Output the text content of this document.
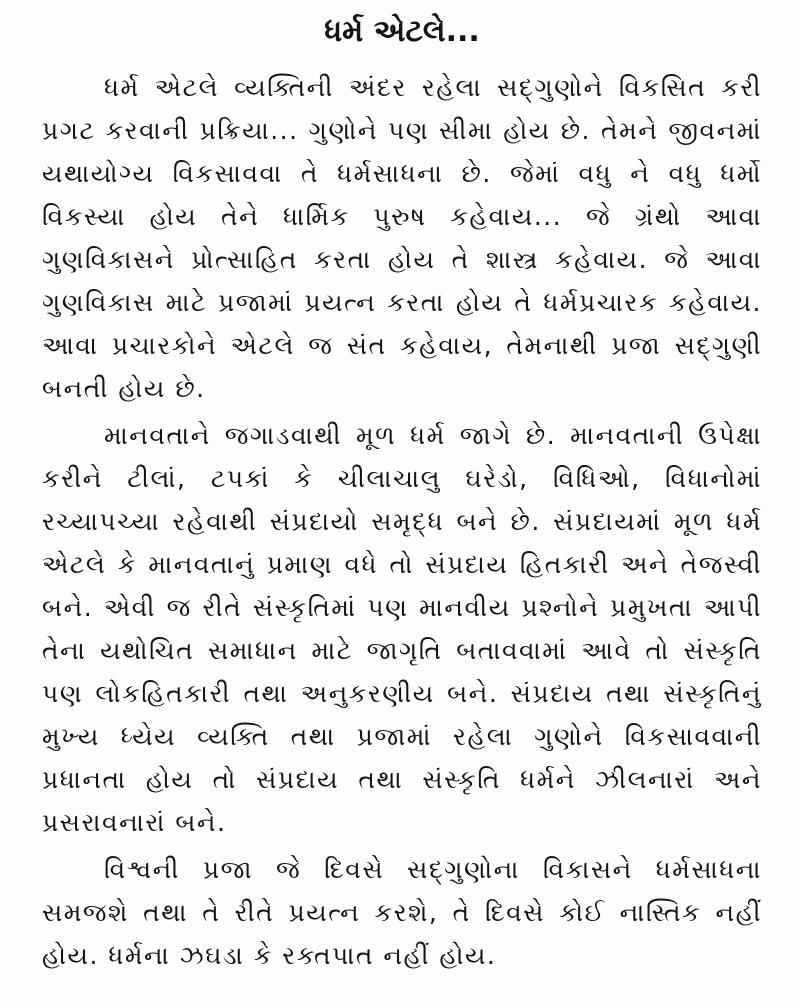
ધર્મ એટલે...

ધર્મ એટલે વ્યક્તિની અંદર રહેલા સદ્‌ગુણોને વિકસિત કરી પ્રગટ કરવાની પ્રક્રિયા... ગુણોને પણ સીમા હોય છે. તેમને જીવનમાં યથાયોગ્ય વિકસાવવા તે ધર્મસાધના છે. જેમાં વધુ ને વધુ ધર્મો વિકસ્યા હોય તેને ધાર્મિક પુરુષ કહેવાય... જે ગ્રંથો આવા ગુણવિકાસને પ્રોત્સાહિત કરતા હોય તે શાસ્ત્ર કહેવાય. જે આવા ગુણવિકાસ માટે પ્રજામાં પ્રયત્ન કરતા હોય તે ધર્મપ્રચારક કહેવાય. આવા પ્રચારકોને એટલે જ સંત કહેવાય, તેમનાથી પ્રજા સદ્‌ગુણી બનતી હોય છે.

માનવતાને જગાડવાથી મૂળ ધર્મ જાગે છે. માનવતાની ઉપેક્ષા કરીને ટીલાં, ટપકાં કે ચીલાચાલુ ઘરેડો, વિધિઓ, વિધાનોમાં રચ્યાપચ્યા રહેવાથી સંપ્રદાયો સમૃદ્ધ બને છે. સંપ્રદાયમાં મૂળ ધર્મ એટલે કે માનવતાનું પ્રમાણ વધે તો સંપ્રદાય હિતકારી અને તેજસ્વી બને. એવી જ રીતે સંસ્કૃતિમાં પણ માનવીય પ્રશ્નોને પ્રમુખતા આપી તેના યથોચિત સમાધાન માટે જાગૃતિ બતાવવામાં આવે તો સંસ્કૃતિ પણ લોકહિતકારી તથા અનુકરણીય બને. સંપ્રદાય તથા સંસ્કૃતિનું મુખ્ય ધ્યેય વ્યક્તિ તથા પ્રજામાં રહેલા ગુણોને વિકસાવવાની પ્રધાનતા હોય તો સંપ્રદાય તથા સંસ્કૃતિ ધર્મને ઝીલનારાં અને પ્રસરાવનારાં બને.

વિશ્વની પ્રજા જે દિવસે સદ્‌ગુણોના વિકાસને ધર્મસાધના સમજશે તથા તે રીતે પ્રયત્ન કરશે, તે દિવસે કોઈ નાસ્તિક નહીં હોય. ધર્મના ઝઘડા કે રક્તપાત નહીં હોય.
